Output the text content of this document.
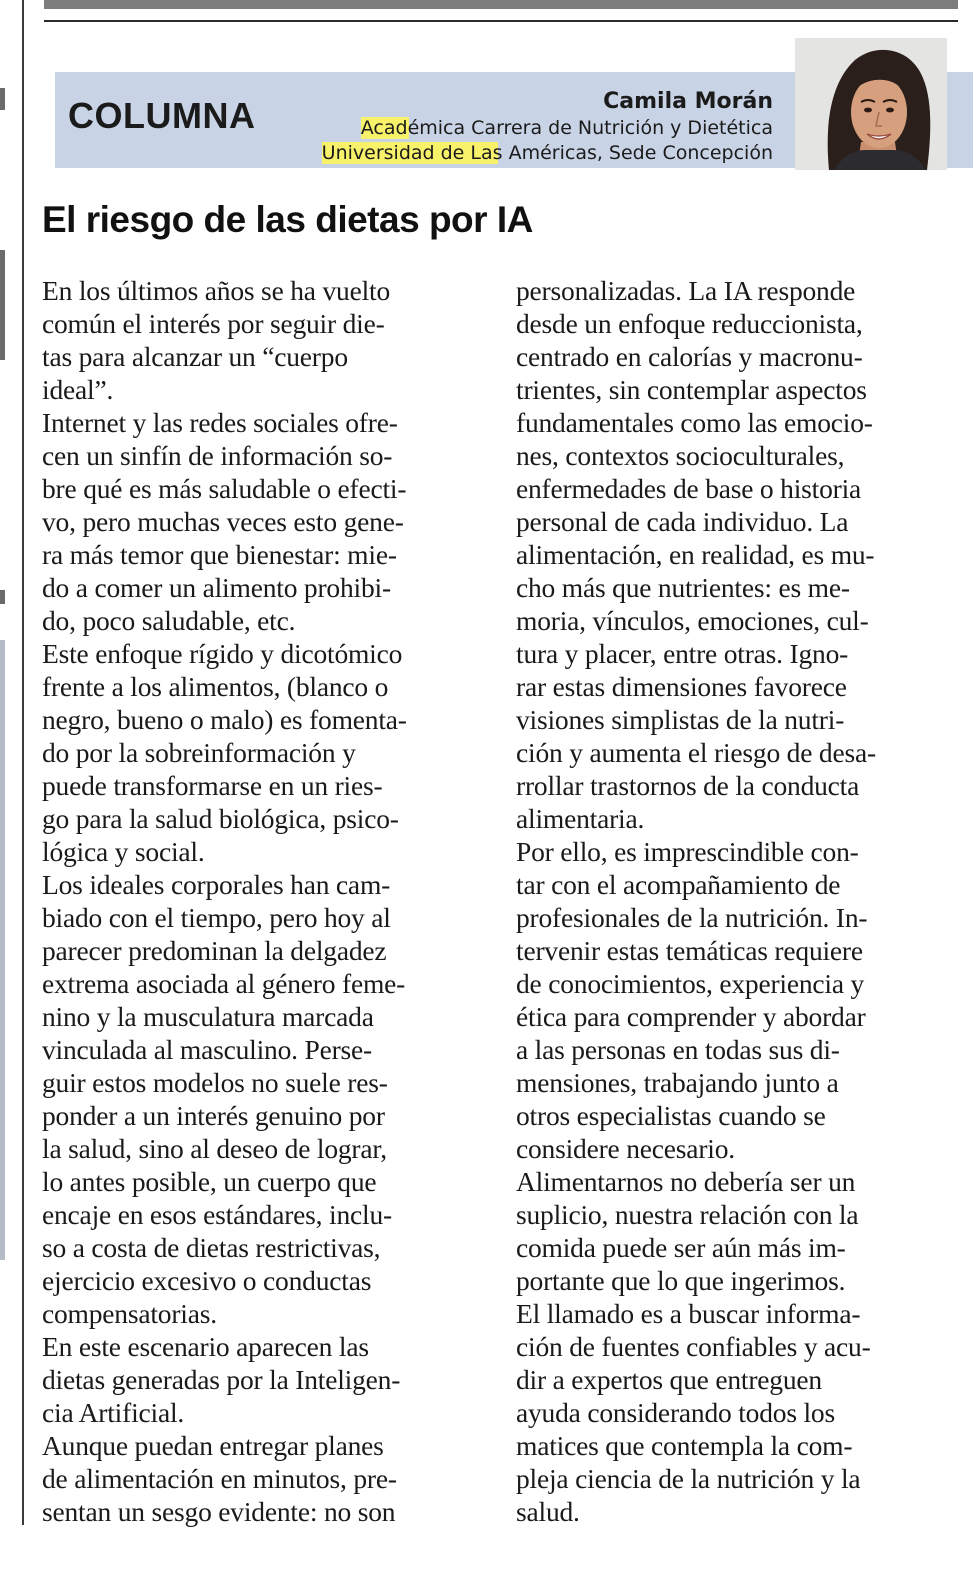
COLUMNA	Camila Morán
Académica Carrera de Nutrición y Dietética
Universidad de Las Américas, Sede Concepción
El riesgo de las dietas por IA
En los últimos años se ha vuelto
común el interés por seguir die-
tas para alcanzar un “cuerpo
ideal”.
Internet y las redes sociales ofre-
cen un sinfín de información so-
bre qué es más saludable o efecti-
vo, pero muchas veces esto gene-
ra más temor que bienestar: mie-
do a comer un alimento prohibi-
do, poco saludable, etc.
Este enfoque rígido y dicotómico
frente a los alimentos, (blanco o
negro, bueno o malo) es fomenta-
do por la sobreinformación y
puede transformarse en un ries-
go para la salud biológica, psico-
lógica y social.
Los ideales corporales han cam-
biado con el tiempo, pero hoy al
parecer predominan la delgadez
extrema asociada al género feme-
nino y la musculatura marcada
vinculada al masculino. Perse-
guir estos modelos no suele res-
ponder a un interés genuino por
la salud, sino al deseo de lograr,
lo antes posible, un cuerpo que
encaje en esos estándares, inclu-
so a costa de dietas restrictivas,
ejercicio excesivo o conductas
compensatorias.
En este escenario aparecen las
dietas generadas por la Inteligen-
cia Artificial.
Aunque puedan entregar planes
de alimentación en minutos, pre-
sentan un sesgo evidente: no son
personalizadas. La IA responde
desde un enfoque reduccionista,
centrado en calorías y macronu-
trientes, sin contemplar aspectos
fundamentales como las emocio-
nes, contextos socioculturales,
enfermedades de base o historia
personal de cada individuo. La
alimentación, en realidad, es mu-
cho más que nutrientes: es me-
moria, vínculos, emociones, cul-
tura y placer, entre otras. Igno-
rar estas dimensiones favorece
visiones simplistas de la nutri-
ción y aumenta el riesgo de desa-
rrollar trastornos de la conducta
alimentaria.
Por ello, es imprescindible con-
tar con el acompañamiento de
profesionales de la nutrición. In-
tervenir estas temáticas requiere
de conocimientos, experiencia y
ética para comprender y abordar
a las personas en todas sus di-
mensiones, trabajando junto a
otros especialistas cuando se
considere necesario.
Alimentarnos no debería ser un
suplicio, nuestra relación con la
comida puede ser aún más im-
portante que lo que ingerimos.
El llamado es a buscar informa-
ción de fuentes confiables y acu-
dir a expertos que entreguen
ayuda considerando todos los
matices que contempla la com-
pleja ciencia de la nutrición y la
salud.
